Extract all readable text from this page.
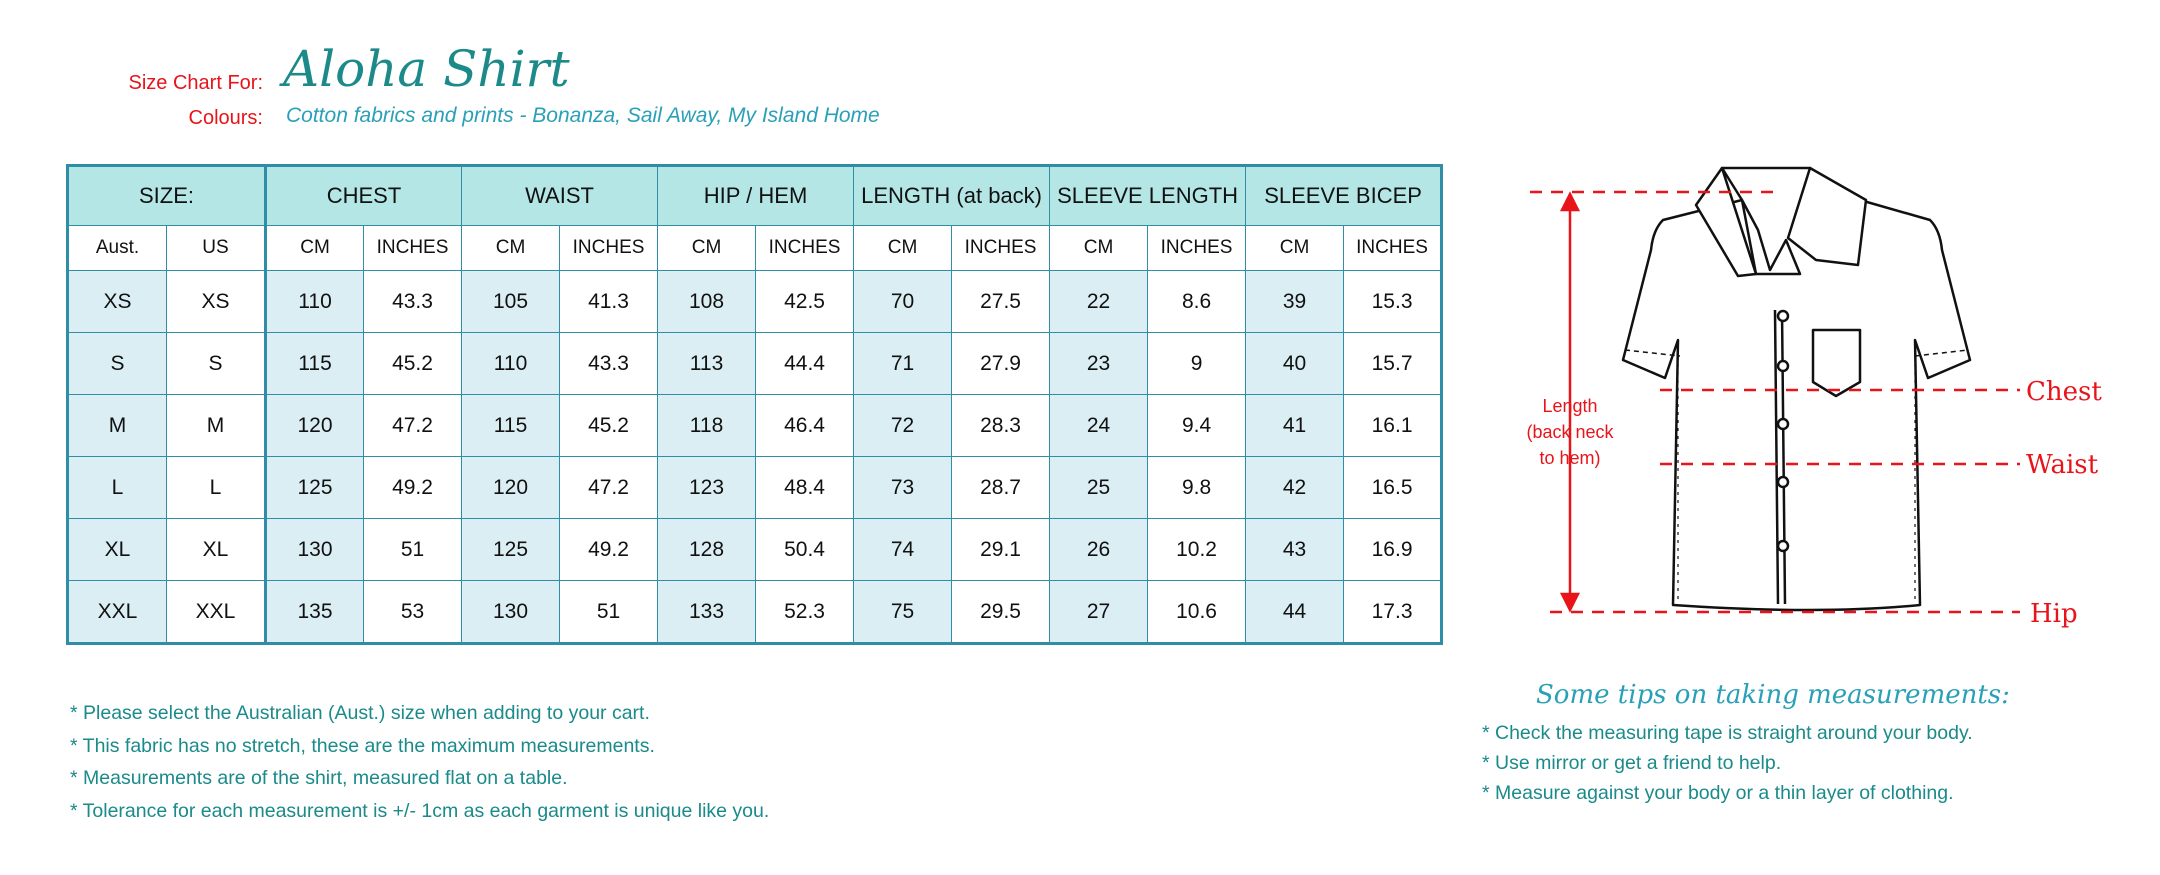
Size Chart For:
Colours:
Aloha Shirt
Cotton fabrics and prints - Bonanza, Sail Away, My Island Home
SIZE:		CHEST		WAIST		HIP / HEM		LENGTH (at back)		SLEEVE LENGTH		SLEEVE BICEP	
Aust.	US	CM	INCHES	CM	INCHES	CM	INCHES	CM	INCHES	CM	INCHES	CM	INCHES
XS	XS	110	43.3	105	41.3	108	42.5	70	27.5	22	8.6	39	15.3
S	S	115	45.2	110	43.3	113	44.4	71	27.9	23	9	40	15.7
M	M	120	47.2	115	45.2	118	46.4	72	28.3	24	9.4	41	16.1
L	L	125	49.2	120	47.2	123	48.4	73	28.7	25	9.8	42	16.5
XL	XL	130	51	125	49.2	128	50.4	74	29.1	26	10.2	43	16.9
XXL	XXL	135	53	130	51	133	52.3	75	29.5	27	10.6	44	17.3
* Please select the Australian (Aust.) size when adding to your cart.
* This fabric has no stretch, these are the maximum measurements.
* Measurements are of the shirt, measured flat on a table.
* Tolerance for each measurement is +/- 1cm as each garment is unique like you.
Length
(back neck
to hem)
Chest
Waist
Hip
Some tips on taking measurements:
* Check the measuring tape is straight around your body.
* Use mirror or get a friend to help.
* Measure against your body or a thin layer of clothing.
